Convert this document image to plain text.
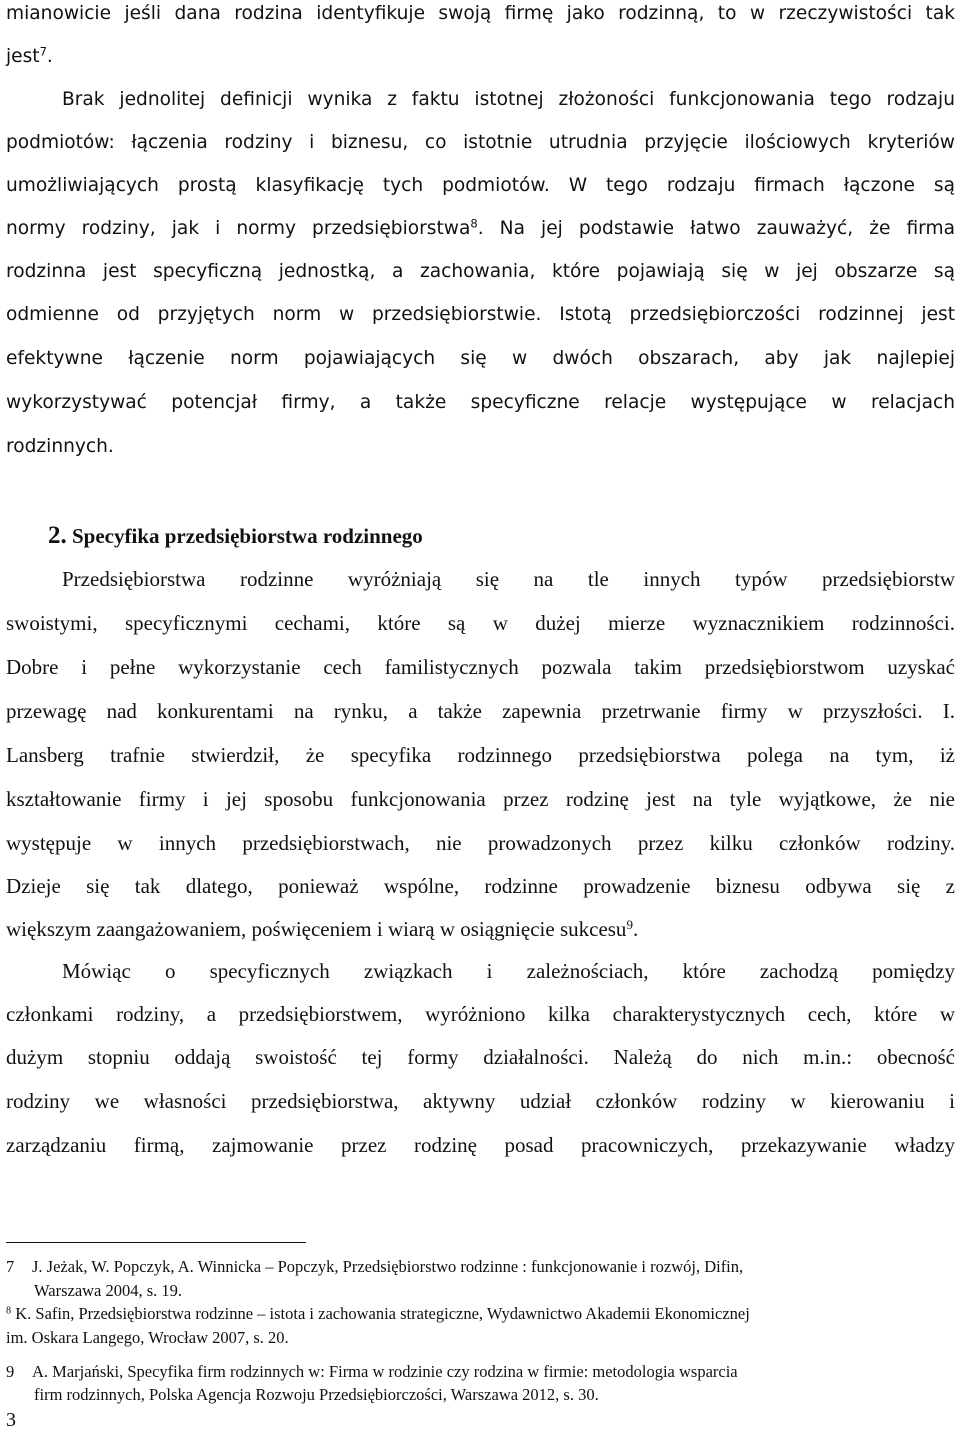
mianowicie jeśli dana rodzina identyfikuje swoją firmę jako rodzinną, to w rzeczywistości tak
jest$^7$.
Brak jednolitej definicji wynika z faktu istotnej złożoności funkcjonowania tego rodzaju
podmiotów: łączenia rodziny i biznesu, co istotnie utrudnia przyjęcie ilościowych kryteriów
umożliwiających prostą klasyfikację tych podmiotów. W tego rodzaju firmach łączone są
normy rodziny, jak i normy przedsiębiorstwa$^8$. Na jej podstawie łatwo zauważyć, że firma
rodzinna jest specyficzną jednostką, a zachowania, które pojawiają się w jej obszarze są
odmienne od przyjętych norm w przedsiębiorstwie. Istotą przedsiębiorczości rodzinnej jest
efektywne łączenie norm pojawiających się w dwóch obszarach, aby jak najlepiej
wykorzystywać potencjał firmy, a także specyficzne relacje występujące w relacjach
rodzinnych.
2. Specyfika przedsiębiorstwa rodzinnego
Przedsiębiorstwa rodzinne wyróżniają się na tle innych typów przedsiębiorstw
swoistymi, specyficznymi cechami, które są w dużej mierze wyznacznikiem rodzinności.
Dobre i pełne wykorzystanie cech familistycznych pozwala takim przedsiębiorstwom uzyskać
przewagę nad konkurentami na rynku, a także zapewnia przetrwanie firmy w przyszłości. I.
Lansberg trafnie stwierdził, że specyfika rodzinnego przedsiębiorstwa polega na tym, iż
kształtowanie firmy i jej sposobu funkcjonowania przez rodzinę jest na tyle wyjątkowe, że nie
występuje w innych przedsiębiorstwach, nie prowadzonych przez kilku członków rodziny.
Dzieje się tak dlatego, ponieważ wspólne, rodzinne prowadzenie biznesu odbywa się z
większym zaangażowaniem, poświęceniem i wiarą w osiągnięcie sukcesu$^9$.
Mówiąc o specyficznych związkach i zależnościach, które zachodzą pomiędzy
członkami rodziny, a przedsiębiorstwem, wyróżniono kilka charakterystycznych cech, które w
dużym stopniu oddają swoistość tej formy działalności. Należą do nich m.in.: obecność
rodziny we własności przedsiębiorstwa, aktywny udział członków rodziny w kierowaniu i
zarządzaniu firmą, zajmowanie przez rodzinę posad pracowniczych, przekazywanie władzy
7 J. Jeżak, W. Popczyk, A. Winnicka – Popczyk, Przedsiębiorstwo rodzinne : funkcjonowanie i rozwój, Difin,
Warszawa 2004, s. 19.
$^8$ K. Safin, Przedsiębiorstwa rodzinne – istota i zachowania strategiczne, Wydawnictwo Akademii Ekonomicznej
im. Oskara Langego, Wrocław 2007, s. 20.
9 A. Marjański, Specyfika firm rodzinnych w: Firma w rodzinie czy rodzina w firmie: metodologia wsparcia
firm rodzinnych, Polska Agencja Rozwoju Przedsiębiorczości, Warszawa 2012, s. 30.
3
